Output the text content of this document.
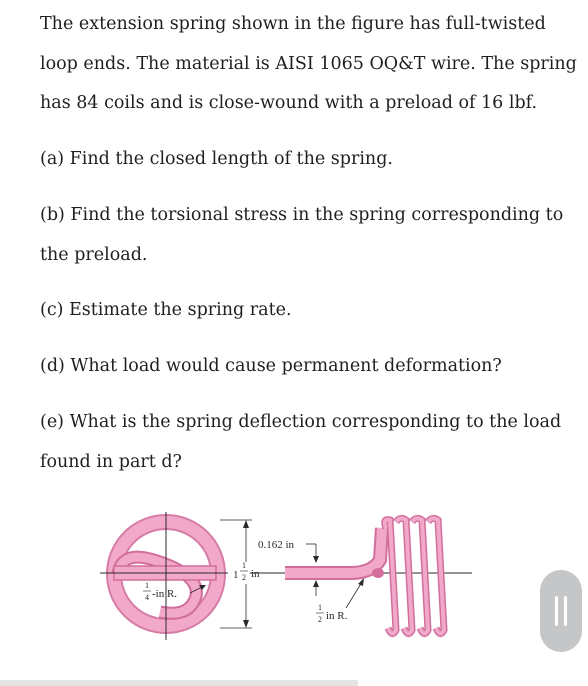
The extension spring shown in the figure has full-twisted
loop ends. The material is AISI 1065 OQ&T wire. The spring
has 84 coils and is close-wound with a preload of 16 lbf.
(a) Find the closed length of the spring.
(b) Find the torsional stress in the spring corresponding to
the preload.
(c) Estimate the spring rate.
(d) What load would cause permanent deformation?
(e) What is the spring deflection corresponding to the load
found in part d?
1
1
2 in
1
4 -in R.
0.162 in
1
2 in R.
